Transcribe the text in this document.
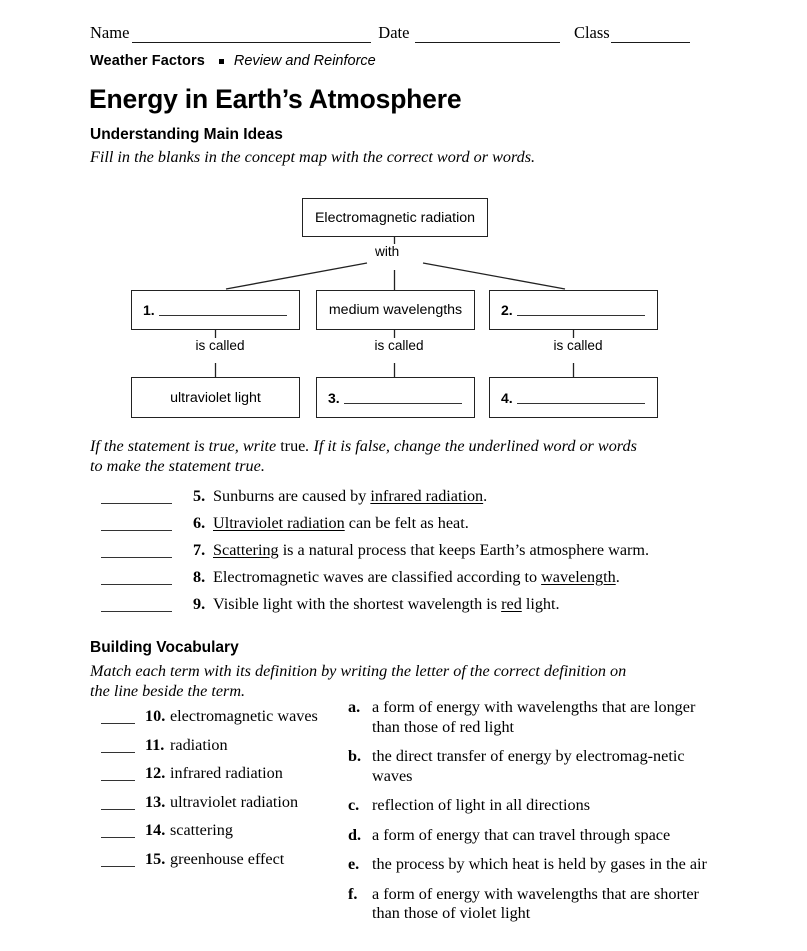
Name	Date	Class
Weather Factors Review and Reinforce
Energy in Earth’s Atmosphere
Understanding Main Ideas
Fill in the blanks in the concept map with the correct word or words.
Electromagnetic radiation
with
1.	medium wavelengths	2.
is called	is called	is called
ultraviolet light	3.	4.
If the statement is true, write true. If it is false, change the underlined word or words
to make the statement true.
5. Sunburns are caused by infrared radiation.
6. Ultraviolet radiation can be felt as heat.
7. Scattering is a natural process that keeps Earth’s atmosphere warm.
8. Electromagnetic waves are classified according to wavelength.
9. Visible light with the shortest wavelength is red light.
Building Vocabulary
Match each term with its definition by writing the letter of the correct definition on
the line beside the term.
10. electromagnetic waves
11. radiation
12. infrared radiation
13. ultraviolet radiation
14. scattering
15. greenhouse effect
a. a form of energy with wavelengths that are longer than those of red light
b. the direct transfer of energy by electromag-netic waves
c. reflection of light in all directions
d. a form of energy that can travel through space
e. the process by which heat is held by gases in the air
f. a form of energy with wavelengths that are shorter than those of violet light
